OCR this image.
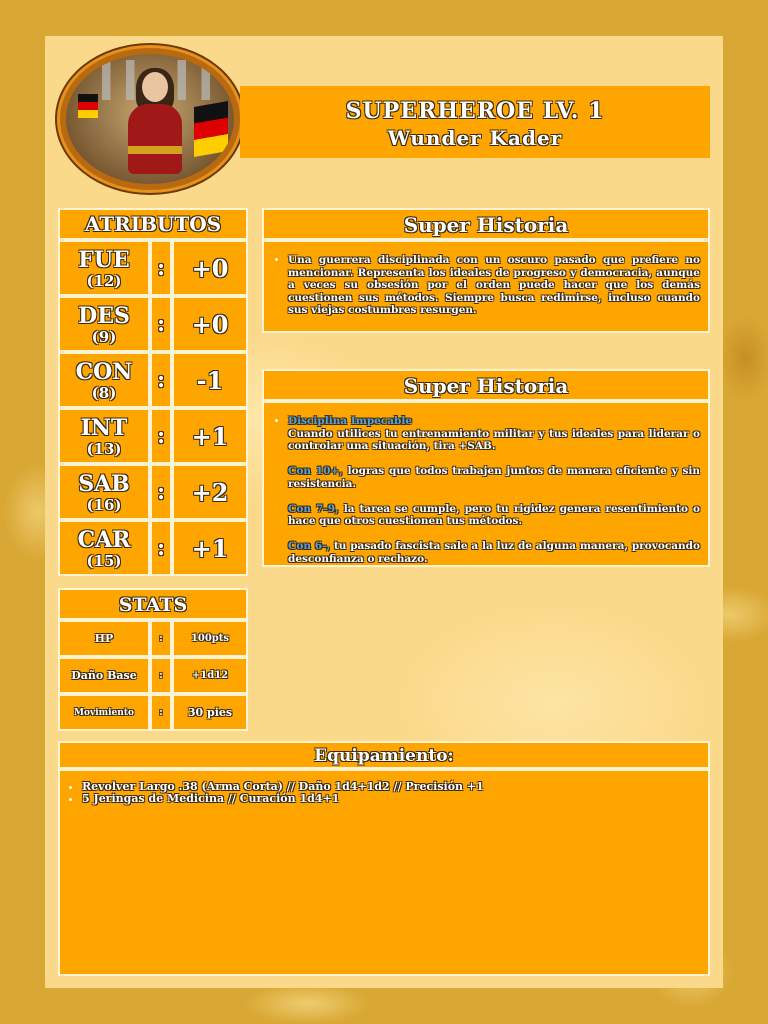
SUPERHEROE LV. 1
Wunder Kader
ATRIBUTOS
FUE
(12)	:	+0
DES
(9)	:	+0
CON
(8)	:	-1
INT
(13)	:	+1
SAB
(16)	:	+2
CAR
(15)	:	+1
STATS
HP	:	100pts
Daño Base	:	+1d12
Movimiento	:	30 pies
Super Historia
• Una guerrera disciplinada con un oscuro pasado que prefiere no mencionar. Representa los ideales de progreso y democracia, aunque a veces su obsesión por el orden puede hacer que los demás cuestionen sus métodos. Siempre busca redimirse, incluso cuando sus viejas costumbres resurgen.
Super Historia
• Disciplina Impecable
Cuando utilices tu entrenamiento militar y tus ideales para liderar o controlar una situación, tira +SAB.

Con 10+, logras que todos trabajen juntos de manera eficiente y sin resistencia.

Con 7-9, la tarea se cumple, pero tu rigidez genera resentimiento o hace que otros cuestionen tus métodos.

Con 6-, tu pasado fascista sale a la luz de alguna manera, provocando desconfianza o rechazo.
Equipamiento:
• Revolver Largo .38 (Arma Corta) // Daño 1d4+1d2 // Precisión +1
• 5 Jeringas de Medicina // Curación 1d4+1
